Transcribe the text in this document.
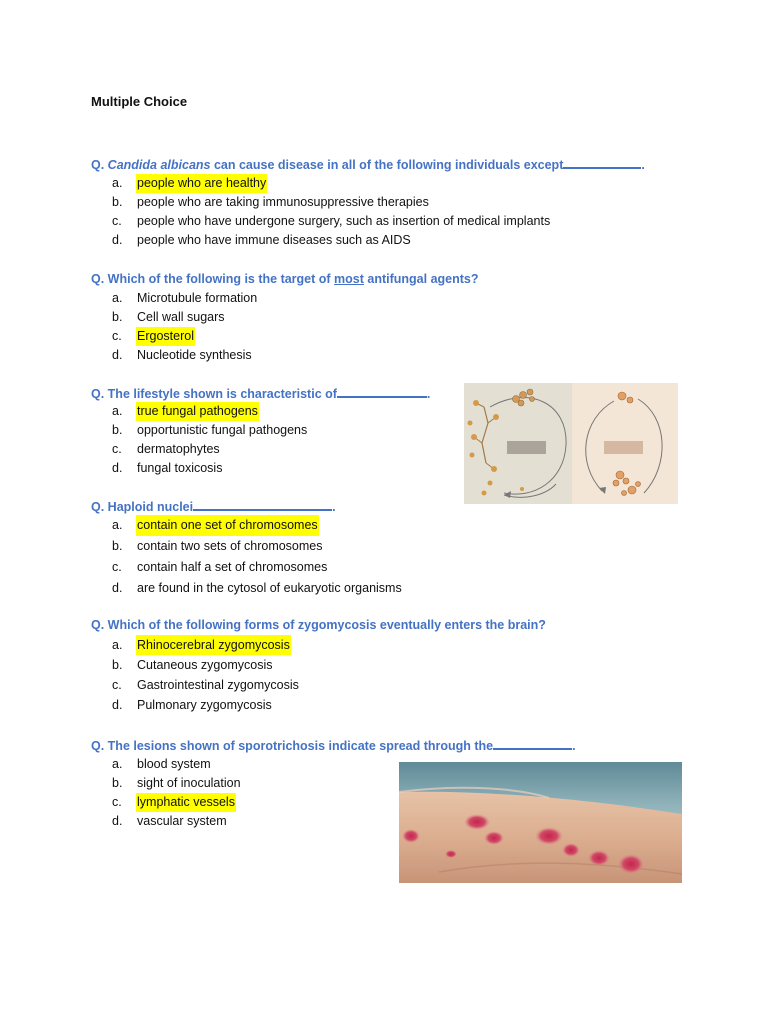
Multiple Choice

Q. Candida albicans can cause disease in all of the following individuals except	.

a.	people who are healthy
b.	people who are taking immunosuppressive therapies
c.	people who have undergone surgery, such as insertion of medical implants
d.	people who have immune diseases such as AIDS

Q. Which of the following is the target of most antifungal agents?

a.	Microtubule formation
b.	Cell wall sugars
c.	Ergosterol
d.	Nucleotide synthesis

Q. The lifestyle shown is characteristic of	.

a.	true fungal pathogens
b.	opportunistic fungal pathogens
c.	dermatophytes
d.	fungal toxicosis

Q. Haploid nuclei	.

a.	contain one set of chromosomes
b.	contain two sets of chromosomes
c.	contain half a set of chromosomes
d.	are found in the cytosol of eukaryotic organisms

Q. Which of the following forms of zygomycosis eventually enters the brain?

a.	Rhinocerebral zygomycosis
b.	Cutaneous zygomycosis
c.	Gastrointestinal zygomycosis
d.	Pulmonary zygomycosis

Q. The lesions shown of sporotrichosis indicate spread through the	.

a.	blood system
b.	sight of inoculation
c.	lymphatic vessels
d.	vascular system
